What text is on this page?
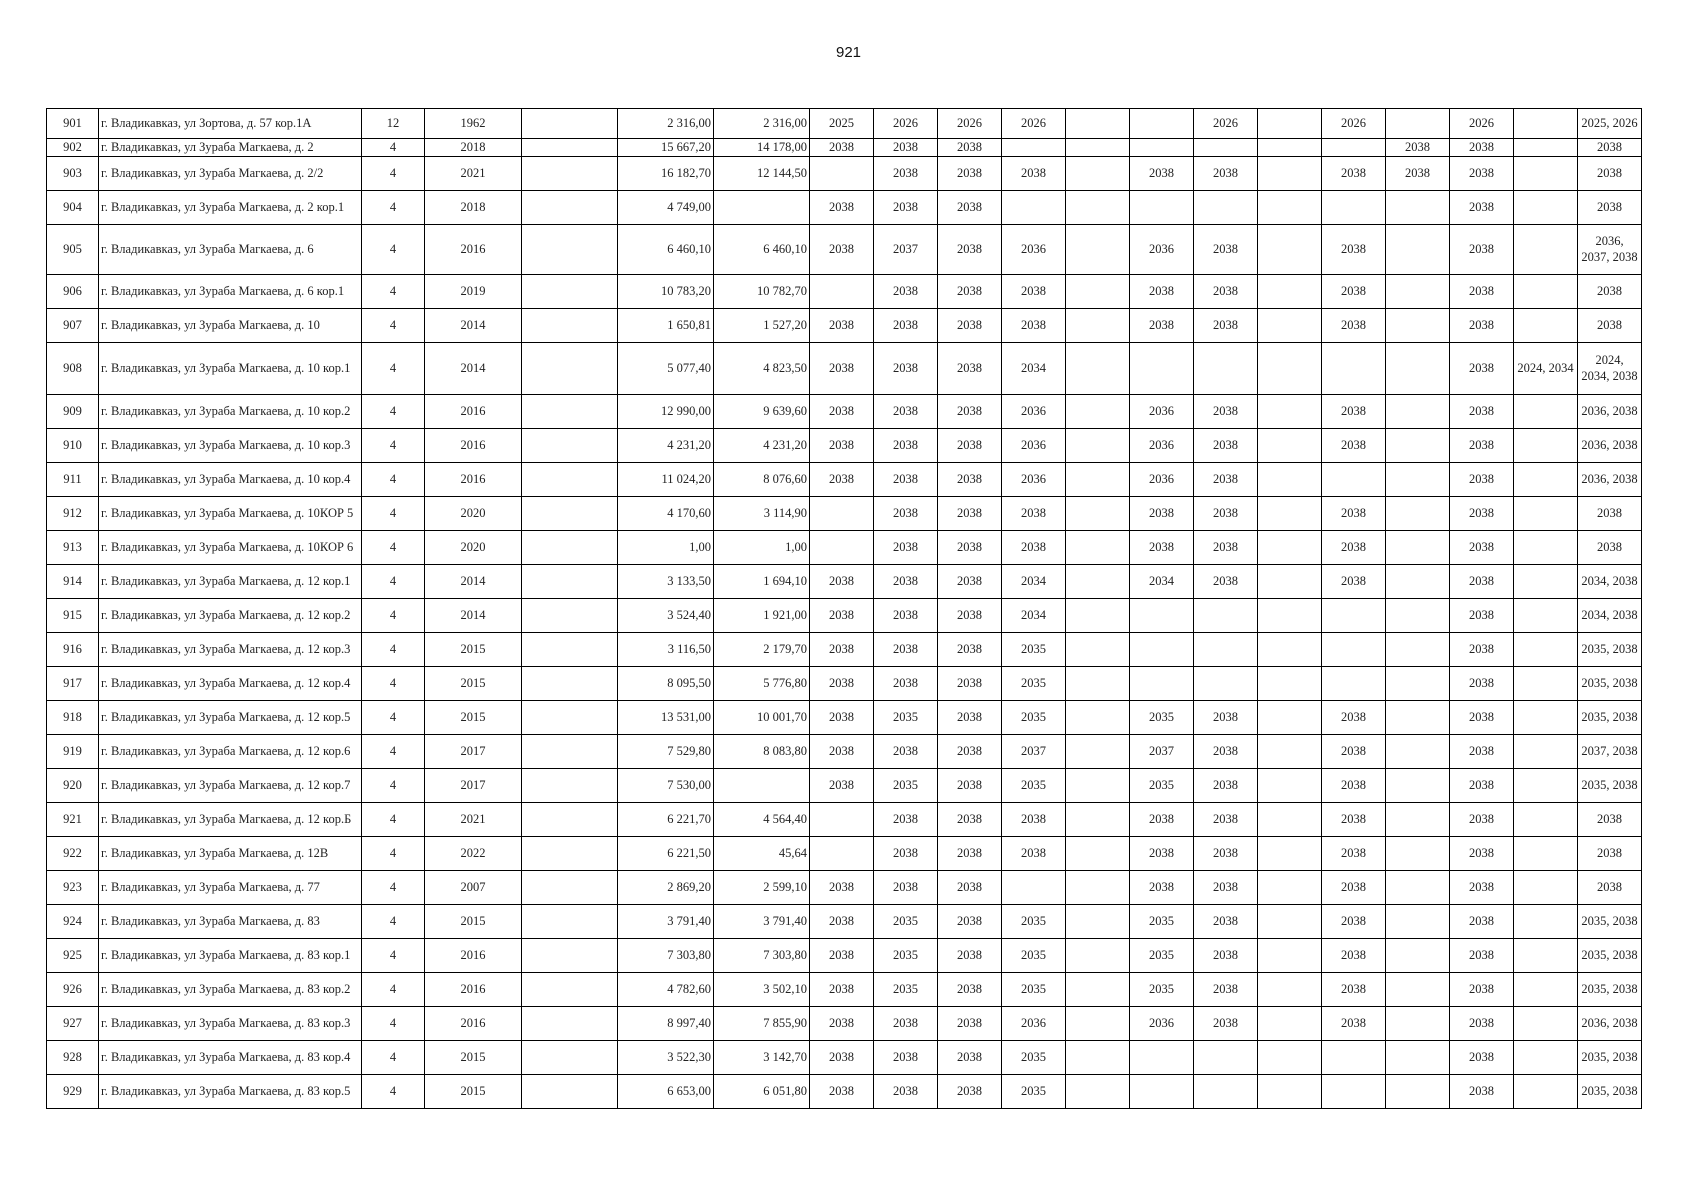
921
901	г. Владикавказ, ул Зортова, д. 57 кор.1А	12	1962		2 316,00	2 316,00	2025	2026	2026	2026			2026		2026		2026		2025, 2026
902	г. Владикавказ, ул Зураба Магкаева, д. 2	4	2018		15 667,20	14 178,00	2038	2038	2038							2038	2038		2038
903	г. Владикавказ, ул Зураба Магкаева, д. 2/2	4	2021		16 182,70	12 144,50		2038	2038	2038		2038	2038		2038	2038	2038		2038
904	г. Владикавказ, ул Зураба Магкаева, д. 2 кор.1	4	2018		4 749,00		2038	2038	2038								2038		2038
905	г. Владикавказ, ул Зураба Магкаева, д. 6	4	2016		6 460,10	6 460,10	2038	2037	2038	2036		2036	2038		2038		2038		2036, 2037, 2038
906	г. Владикавказ, ул Зураба Магкаева, д. 6 кор.1	4	2019		10 783,20	10 782,70		2038	2038	2038		2038	2038		2038		2038		2038
907	г. Владикавказ, ул Зураба Магкаева, д. 10	4	2014		1 650,81	1 527,20	2038	2038	2038	2038		2038	2038		2038		2038		2038
908	г. Владикавказ, ул Зураба Магкаева, д. 10 кор.1	4	2014		5 077,40	4 823,50	2038	2038	2038	2034							2038	2024, 2034	2024, 2034, 2038
909	г. Владикавказ, ул Зураба Магкаева, д. 10 кор.2	4	2016		12 990,00	9 639,60	2038	2038	2038	2036		2036	2038		2038		2038		2036, 2038
910	г. Владикавказ, ул Зураба Магкаева, д. 10 кор.3	4	2016		4 231,20	4 231,20	2038	2038	2038	2036		2036	2038		2038		2038		2036, 2038
911	г. Владикавказ, ул Зураба Магкаева, д. 10 кор.4	4	2016		11 024,20	8 076,60	2038	2038	2038	2036		2036	2038				2038		2036, 2038
912	г. Владикавказ, ул Зураба Магкаева, д. 10КОР 5	4	2020		4 170,60	3 114,90		2038	2038	2038		2038	2038		2038		2038		2038
913	г. Владикавказ, ул Зураба Магкаева, д. 10КОР 6	4	2020		1,00	1,00		2038	2038	2038		2038	2038		2038		2038		2038
914	г. Владикавказ, ул Зураба Магкаева, д. 12 кор.1	4	2014		3 133,50	1 694,10	2038	2038	2038	2034		2034	2038		2038		2038		2034, 2038
915	г. Владикавказ, ул Зураба Магкаева, д. 12 кор.2	4	2014		3 524,40	1 921,00	2038	2038	2038	2034							2038		2034, 2038
916	г. Владикавказ, ул Зураба Магкаева, д. 12 кор.3	4	2015		3 116,50	2 179,70	2038	2038	2038	2035							2038		2035, 2038
917	г. Владикавказ, ул Зураба Магкаева, д. 12 кор.4	4	2015		8 095,50	5 776,80	2038	2038	2038	2035							2038		2035, 2038
918	г. Владикавказ, ул Зураба Магкаева, д. 12 кор.5	4	2015		13 531,00	10 001,70	2038	2035	2038	2035		2035	2038		2038		2038		2035, 2038
919	г. Владикавказ, ул Зураба Магкаева, д. 12 кор.6	4	2017		7 529,80	8 083,80	2038	2038	2038	2037		2037	2038		2038		2038		2037, 2038
920	г. Владикавказ, ул Зураба Магкаева, д. 12 кор.7	4	2017		7 530,00		2038	2035	2038	2035		2035	2038		2038		2038		2035, 2038
921	г. Владикавказ, ул Зураба Магкаева, д. 12 кор.Б	4	2021		6 221,70	4 564,40		2038	2038	2038		2038	2038		2038		2038		2038
922	г. Владикавказ, ул Зураба Магкаева, д. 12В	4	2022		6 221,50	45,64		2038	2038	2038		2038	2038		2038		2038		2038
923	г. Владикавказ, ул Зураба Магкаева, д. 77	4	2007		2 869,20	2 599,10	2038	2038	2038			2038	2038		2038		2038		2038
924	г. Владикавказ, ул Зураба Магкаева, д. 83	4	2015		3 791,40	3 791,40	2038	2035	2038	2035		2035	2038		2038		2038		2035, 2038
925	г. Владикавказ, ул Зураба Магкаева, д. 83 кор.1	4	2016		7 303,80	7 303,80	2038	2035	2038	2035		2035	2038		2038		2038		2035, 2038
926	г. Владикавказ, ул Зураба Магкаева, д. 83 кор.2	4	2016		4 782,60	3 502,10	2038	2035	2038	2035		2035	2038		2038		2038		2035, 2038
927	г. Владикавказ, ул Зураба Магкаева, д. 83 кор.3	4	2016		8 997,40	7 855,90	2038	2038	2038	2036		2036	2038		2038		2038		2036, 2038
928	г. Владикавказ, ул Зураба Магкаева, д. 83 кор.4	4	2015		3 522,30	3 142,70	2038	2038	2038	2035							2038		2035, 2038
929	г. Владикавказ, ул Зураба Магкаева, д. 83 кор.5	4	2015		6 653,00	6 051,80	2038	2038	2038	2035							2038		2035, 2038
